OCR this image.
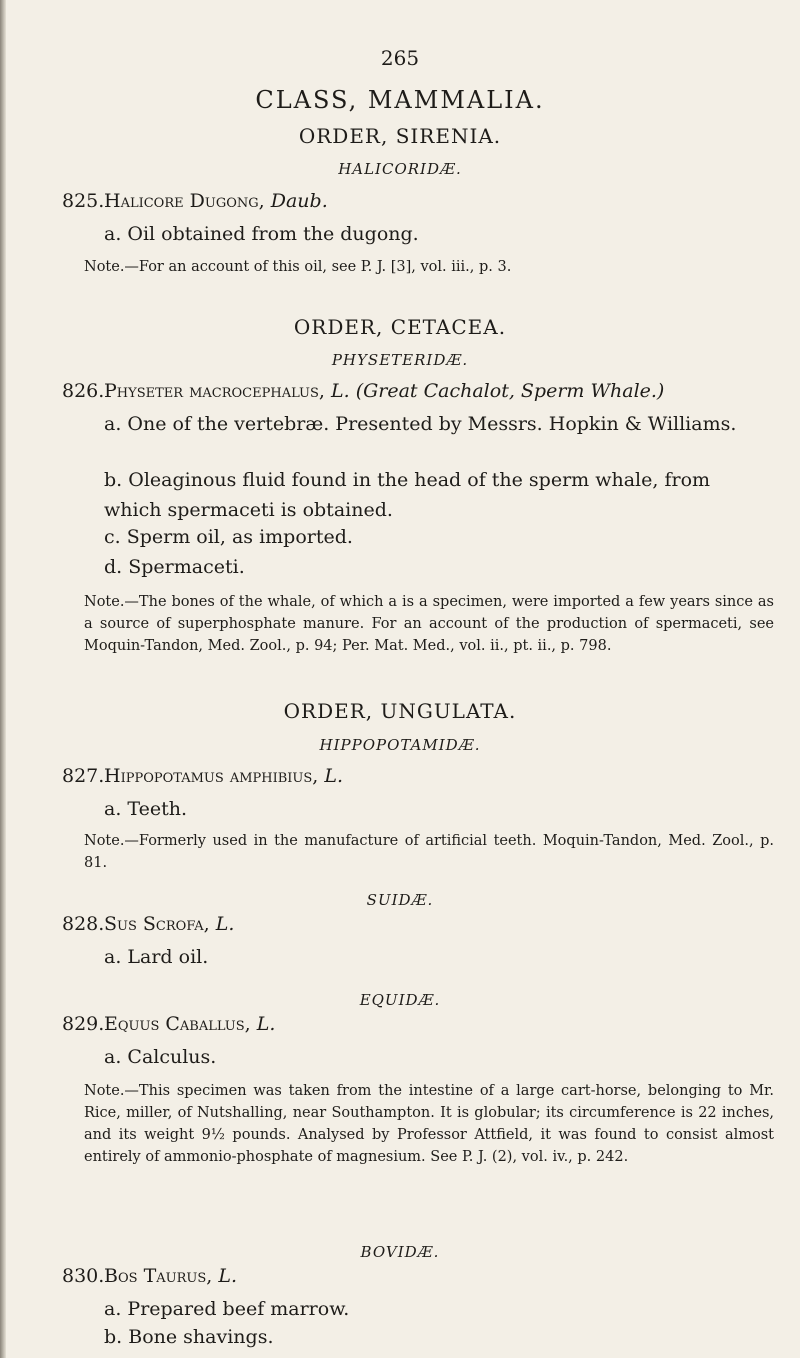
265
CLASS, MAMMALIA.
ORDER, SIRENIA.
HALICORIDÆ.
825.Halicore Dugong, Daub.
a. Oil obtained from the dugong.
Note.—For an account of this oil, see P. J. [3], vol. iii., p. 3.
ORDER, CETACEA.
PHYSETERIDÆ.
826.Physeter macrocephalus, L. (Great Cachalot, Sperm Whale.)
a. One of the vertebræ. Presented by Messrs. Hopkin & Williams.
b. Oleaginous fluid found in the head of the sperm whale, from which spermaceti is obtained.
c. Sperm oil, as imported.
d. Spermaceti.
Note.—The bones of the whale, of which a is a specimen, were imported a few years since as a source of superphosphate manure. For an account of the production of spermaceti, see Moquin-Tandon, Med. Zool., p. 94; Per. Mat. Med., vol. ii., pt. ii., p. 798.
ORDER, UNGULATA.
HIPPOPOTAMIDÆ.
827.Hippopotamus amphibius, L.
a. Teeth.
Note.—Formerly used in the manufacture of artificial teeth. Moquin-Tandon, Med. Zool., p. 81.
SUIDÆ.
828.Sus Scrofa, L.
a. Lard oil.
EQUIDÆ.
829.Equus Caballus, L.
a. Calculus.
Note.—This specimen was taken from the intestine of a large cart-horse, belonging to Mr. Rice, miller, of Nutshalling, near Southampton. It is globular; its circumference is 22 inches, and its weight 9½ pounds. Analysed by Professor Attfield, it was found to consist almost entirely of ammonio-phosphate of magnesium. See P. J. (2), vol. iv., p. 242.
BOVIDÆ.
830.Bos Taurus, L.
a. Prepared beef marrow.
b. Bone shavings.
